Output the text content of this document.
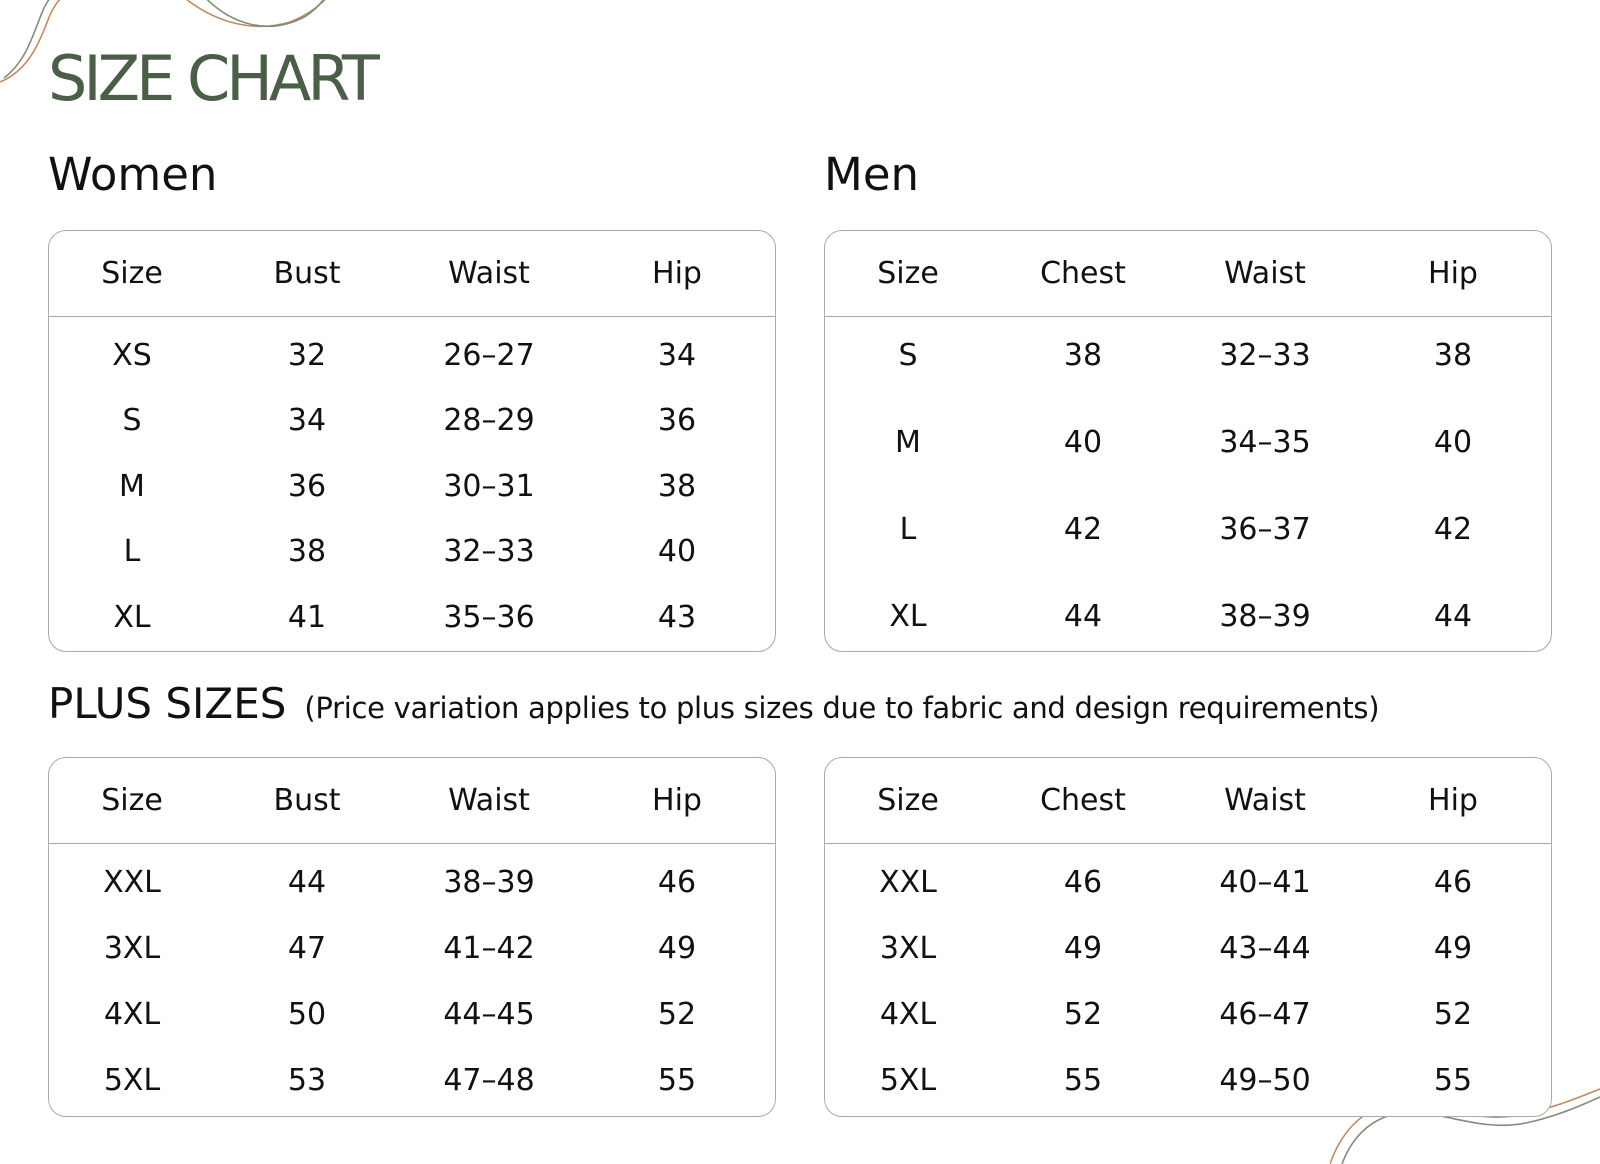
SIZE CHART
Women	Men
Size	Bust	Waist	Hip
XS	32	26–27	34
S	34	28–29	36
M	36	30–31	38
L	38	32–33	40
XL	41	35–36	43
Size	Chest	Waist	Hip
S	38	32–33	38
M	40	34–35	40
L	42	36–37	42
XL	44	38–39	44
PLUS SIZES (Price variation applies to plus sizes due to fabric and design requirements)
Size	Bust	Waist	Hip
XXL	44	38–39	46
3XL	47	41–42	49
4XL	50	44–45	52
5XL	53	47–48	55
Size	Chest	Waist	Hip
XXL	46	40–41	46
3XL	49	43–44	49
4XL	52	46–47	52
5XL	55	49–50	55
